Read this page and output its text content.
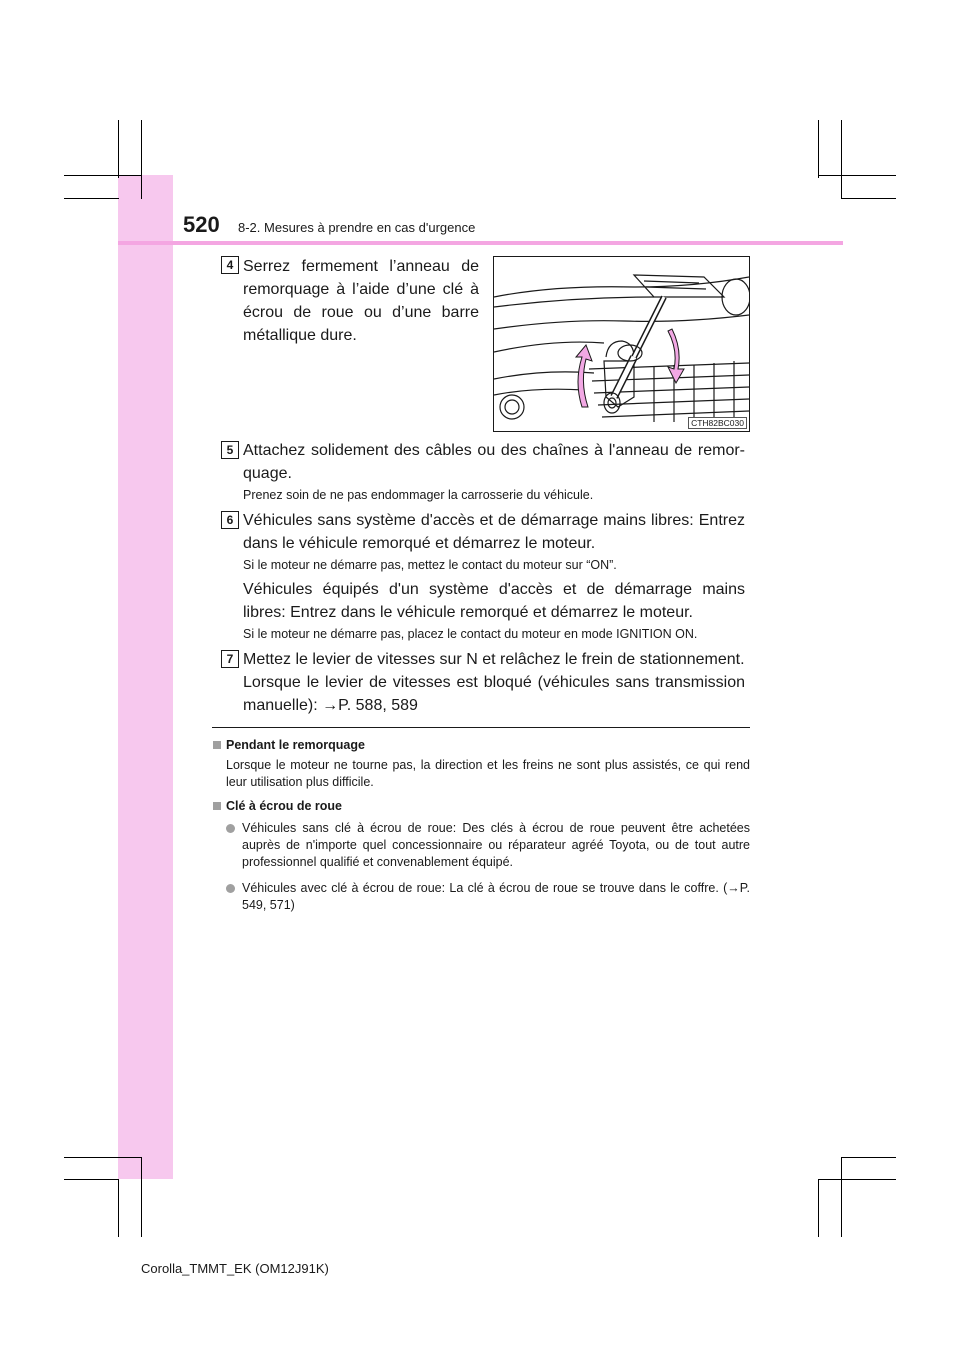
520 8-2. Mesures à prendre en cas d'urgence
4 Serrez fermement l’anneau de remorquage à l’aide d’une clé à écrou de roue ou d’une barre métallique dure.
CTH82BC030
5 Attachez solidement des câbles ou des chaînes à l'anneau de remor-quage.
Prenez soin de ne pas endommager la carrosserie du véhicule.
6 Véhicules sans système d'accès et de démarrage mains libres: Entrez dans le véhicule remorqué et démarrez le moteur.
Si le moteur ne démarre pas, mettez le contact du moteur sur “ON”.
Véhicules équipés d'un système d'accès et de démarrage mains libres: Entrez dans le véhicule remorqué et démarrez le moteur.
Si le moteur ne démarre pas, placez le contact du moteur en mode IGNITION ON.
7 Mettez le levier de vitesses sur N et relâchez le frein de stationnement.
Lorsque le levier de vitesses est bloqué (véhicules sans transmission manuelle): →P. 588, 589
Pendant le remorquage
Lorsque le moteur ne tourne pas, la direction et les freins ne sont plus assistés, ce qui rend leur utilisation plus difficile.
Clé à écrou de roue
Véhicules sans clé à écrou de roue: Des clés à écrou de roue peuvent être achetées auprès de n'importe quel concessionnaire ou réparateur agréé Toyota, ou de tout autre professionnel qualifié et convenablement équipé.
Véhicules avec clé à écrou de roue: La clé à écrou de roue se trouve dans le coffre. (→P. 549, 571)
Corolla_TMMT_EK (OM12J91K)
